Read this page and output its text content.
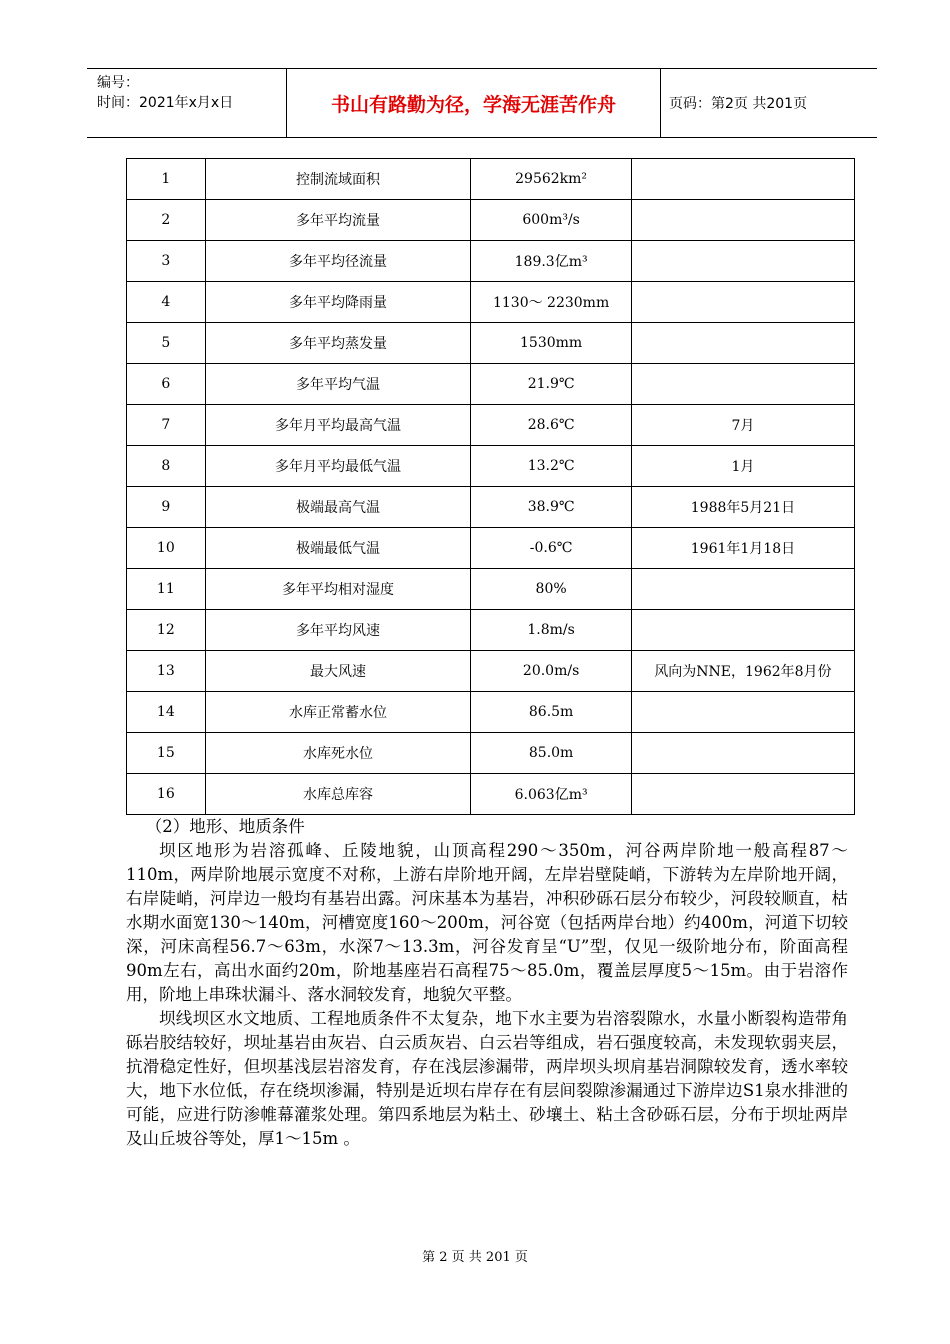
编号：
时间：2021年x月x日	书山有路勤为径，学海无涯苦作舟	页码：第2页 共201页
1	控制流域面积	29562km²	
2	多年平均流量	600m³/s	
3	多年平均径流量	189.3亿m³	
4	多年平均降雨量	1130～ 2230mm	
5	多年平均蒸发量	1530mm	
6	多年平均气温	21.9℃	
7	多年月平均最高气温	28.6℃	7月
8	多年月平均最低气温	13.2℃	1月
9	极端最高气温	38.9℃	1988年5月21日
10	极端最低气温	-0.6℃	1961年1月18日
11	多年平均相对湿度	80%	
12	多年平均风速	1.8m/s	
13	最大风速	20.0m/s	风向为NNE，1962年8月份
14	水库正常蓄水位	86.5m	
15	水库死水位	85.0m	
16	水库总库容	6.063亿m³	

（2）地形、地质条件

坝区地形为岩溶孤峰、丘陵地貌，山顶高程290～350m，河谷两岸阶地一般高程87～110m，两岸阶地展示宽度不对称，上游右岸阶地开阔，左岸岩壁陡峭，下游转为左岸阶地开阔，右岸陡峭，河岸边一般均有基岩出露。河床基本为基岩，冲积砂砾石层分布较少，河段较顺直，枯水期水面宽130～140m，河槽宽度160～200m，河谷宽（包括两岸台地）约400m，河道下切较深，河床高程56.7～63m，水深7～13.3m，河谷发育呈“U”型，仅见一级阶地分布，阶面高程90m左右，高出水面约20m，阶地基座岩石高程75～85.0m，覆盖层厚度5～15m。由于岩溶作用，阶地上串珠状漏斗、落水洞较发育，地貌欠平整。

坝线坝区水文地质、工程地质条件不太复杂，地下水主要为岩溶裂隙水，水量小断裂构造带角砾岩胶结较好，坝址基岩由灰岩、白云质灰岩、白云岩等组成，岩石强度较高，未发现软弱夹层，抗滑稳定性好，但坝基浅层岩溶发育，存在浅层渗漏带，两岸坝头坝肩基岩洞隙较发育，透水率较大，地下水位低，存在绕坝渗漏，特别是近坝右岸存在有层间裂隙渗漏通过下游岸边S1泉水排泄的可能，应进行防渗帷幕灌浆处理。第四系地层为粘土、砂壤土、粘土含砂砾石层，分布于坝址两岸及山丘坡谷等处，厚1～15m 。

第 2 页 共 201 页
